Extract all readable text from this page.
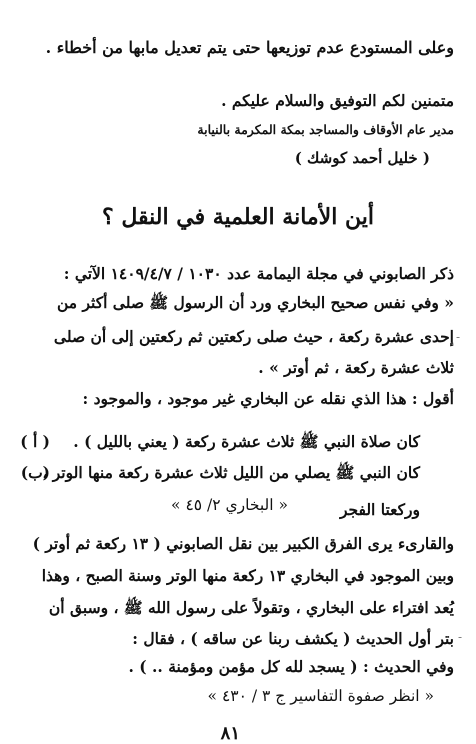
وعلى المستودع عدم توزيعها حتى يتم تعديل مابها من أخطاء .
متمنين لكم التوفيق والسلام عليكم .
مدير عام الأوقاف والمساجد بمكة المكرمة بالنيابة
( خليل أحمد كوشك )
أين الأمانة العلمية في النقل ؟
ذكر الصابوني في مجلة اليمامة عدد ١٠٣٠ / ١٤٠٩/٤/٧ الآتي :
« وفي نفس صحيح البخاري ورد أن الرسول ﷺ صلى أكثر من
إحدى عشرة ركعة ، حيث صلى ركعتين ثم ركعتين إلى أن صلى
ثلاث عشرة ركعة ، ثم أوتر » .
أقول : هذا الذي نقله عن البخاري غير موجود ، والموجود :
( أ ) كان صلاة النبي ﷺ ثلاث عشرة ركعة ( يعني بالليل ) .
(ب)
كان النبي ﷺ يصلي من الليل ثلاث عشرة ركعة منها الوتر ،
وركعتا الفجر
« البخاري ٢/ ٤٥ »
والقارىء يرى الفرق الكبير بين نقل الصابوني ( ١٣ ركعة ثم أوتر )
وبين الموجود في البخاري ١٣ ركعة منها الوتر وسنة الصبح ، وهذا
يُعد افتراء على البخاري ، وتقولاً على رسول الله ﷺ ، وسبق أن
بتر أول الحديث ( يكشف ربنا عن ساقه ) ، فقال :
وفي الحديث : ( يسجد لله كل مؤمن ومؤمنة .. ) .
« انظر صفوة التفاسير ج ٣ / ٤٣٠ »
٨١
-
-
